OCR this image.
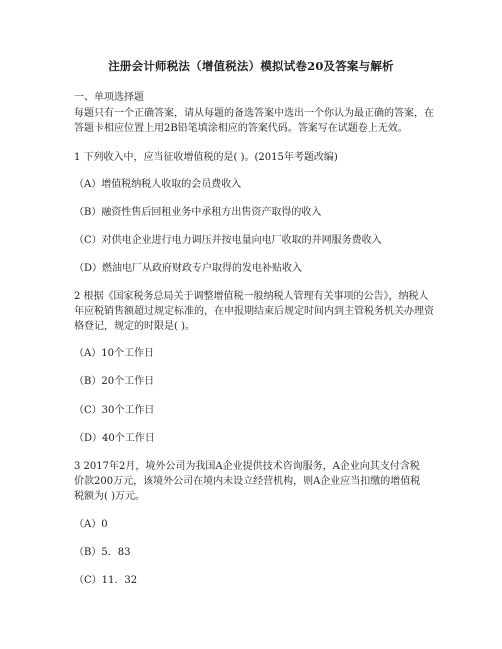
注册会计师税法（增值税法）模拟试卷20及答案与解析
一、单项选择题
每题只有一个正确答案，请从每题的备选答案中选出一个你认为最正确的答案，在
答题卡相应位置上用2B铅笔填涂相应的答案代码。答案写在试题卷上无效。
1 下列收入中，应当征收增值税的是( )。(2015年考题改编)
（A）增值税纳税人收取的会员费收入
（B）融资性售后回租业务中承租方出售资产取得的收入
（C）对供电企业进行电力调压并按电量向电厂收取的并网服务费收入
（D）燃油电厂从政府财政专户取得的发电补贴收入
2 根据《国家税务总局关于调整增值税一般纳税人管理有关事项的公告》，纳税人
年应税销售额超过规定标准的，在申报期结束后规定时间内到主管税务机关办理资
格登记，规定的时限是( )。
（A）10个工作日
（B）20个工作日
（C）30个工作日
（D）40个工作日
3 2017年2月，境外公司为我国A企业提供技术咨询服务，A企业向其支付含税
价款200万元，该境外公司在境内未设立经营机构，则A企业应当扣缴的增值税
税额为( )万元。
（A）0
（B）5．83
（C）11．32
